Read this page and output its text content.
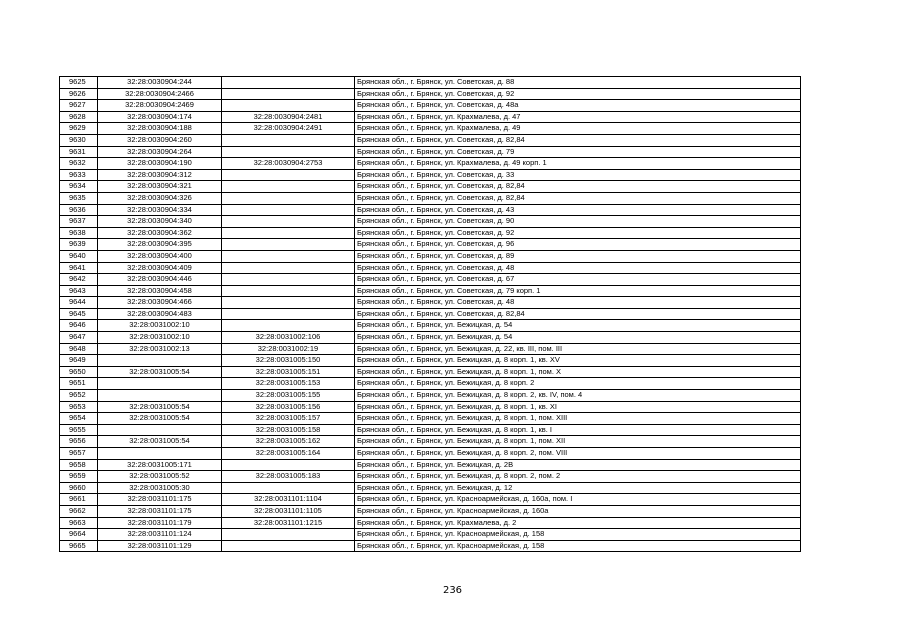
9625	32:28:0030904:244		Брянская обл., г. Брянск, ул. Советская, д. 88
9626	32:28:0030904:2466		Брянская обл., г. Брянск, ул. Советская, д. 92
9627	32:28:0030904:2469		Брянская обл., г. Брянск, ул. Советская, д. 48а
9628	32:28:0030904:174	32:28:0030904:2481	Брянская обл., г. Брянск, ул. Крахмалева, д. 47
9629	32:28:0030904:188	32:28:0030904:2491	Брянская обл., г. Брянск, ул. Крахмалева, д. 49
9630	32:28:0030904:260		Брянская обл., г. Брянск, ул. Советская, д. 82,84
9631	32:28:0030904:264		Брянская обл., г. Брянск, ул. Советская, д. 79
9632	32:28:0030904:190	32:28:0030904:2753	Брянская обл., г. Брянск, ул. Крахмалева, д. 49 корп. 1
9633	32:28:0030904:312		Брянская обл., г. Брянск, ул. Советская, д. 33
9634	32:28:0030904:321		Брянская обл., г. Брянск, ул. Советская, д. 82,84
9635	32:28:0030904:326		Брянская обл., г. Брянск, ул. Советская, д. 82,84
9636	32:28:0030904:334		Брянская обл., г. Брянск, ул. Советская, д. 43
9637	32:28:0030904:340		Брянская обл., г. Брянск, ул. Советская, д. 90
9638	32:28:0030904:362		Брянская обл., г. Брянск, ул. Советская, д. 92
9639	32:28:0030904:395		Брянская обл., г. Брянск, ул. Советская, д. 96
9640	32:28:0030904:400		Брянская обл., г. Брянск, ул. Советская, д. 89
9641	32:28:0030904:409		Брянская обл., г. Брянск, ул. Советская, д. 48
9642	32:28:0030904:446		Брянская обл., г. Брянск, ул. Советская, д. 67
9643	32:28:0030904:458		Брянская обл., г. Брянск, ул. Советская, д. 79 корп. 1
9644	32:28:0030904:466		Брянская обл., г. Брянск, ул. Советская, д. 48
9645	32:28:0030904:483		Брянская обл., г. Брянск, ул. Советская, д. 82,84
9646	32:28:0031002:10		Брянская обл., г. Брянск, ул. Бежицкая, д. 54
9647	32:28:0031002:10	32:28:0031002:106	Брянская обл., г. Брянск, ул. Бежицкая, д. 54
9648	32:28:0031002:13	32:28:0031002:19	Брянская обл., г. Брянск, ул. Бежицкая, д. 22, кв. III, пом. III
9649		32:28:0031005:150	Брянская обл., г. Брянск, ул. Бежицкая, д. 8 корп. 1, кв. XV
9650	32:28:0031005:54	32:28:0031005:151	Брянская обл., г. Брянск, ул. Бежицкая, д. 8 корп. 1, пом. X
9651		32:28:0031005:153	Брянская обл., г. Брянск, ул. Бежицкая, д. 8 корп. 2
9652		32:28:0031005:155	Брянская обл., г. Брянск, ул. Бежицкая, д. 8 корп. 2, кв. IV, пом. 4
9653	32:28:0031005:54	32:28:0031005:156	Брянская обл., г. Брянск, ул. Бежицкая, д. 8 корп. 1, кв. XI
9654	32:28:0031005:54	32:28:0031005:157	Брянская обл., г. Брянск, ул. Бежицкая, д. 8 корп. 1, пом. XIII
9655		32:28:0031005:158	Брянская обл., г. Брянск, ул. Бежицкая, д. 8 корп. 1, кв. I
9656	32:28:0031005:54	32:28:0031005:162	Брянская обл., г. Брянск, ул. Бежицкая, д. 8 корп. 1, пом. XII
9657		32:28:0031005:164	Брянская обл., г. Брянск, ул. Бежицкая, д. 8 корп. 2, пом. VIII
9658	32:28:0031005:171		Брянская обл., г. Брянск, ул. Бежицкая, д. 2В
9659	32:28:0031005:52	32:28:0031005:183	Брянская обл., г. Брянск, ул. Бежицкая, д. 8 корп. 2, пом. 2
9660	32:28:0031005:30		Брянская обл., г. Брянск, ул. Бежицкая, д. 12
9661	32:28:0031101:175	32:28:0031101:1104	Брянская обл., г. Брянск, ул. Красноармейская, д. 160а, пом. I
9662	32:28:0031101:175	32:28:0031101:1105	Брянская обл., г. Брянск, ул. Красноармейская, д. 160а
9663	32:28:0031101:179	32:28:0031101:1215	Брянская обл., г. Брянск, ул. Крахмалева, д. 2
9664	32:28:0031101:124		Брянская обл., г. Брянск, ул. Красноармейская, д. 158
9665	32:28:0031101:129		Брянская обл., г. Брянск, ул. Красноармейская, д. 158
236
